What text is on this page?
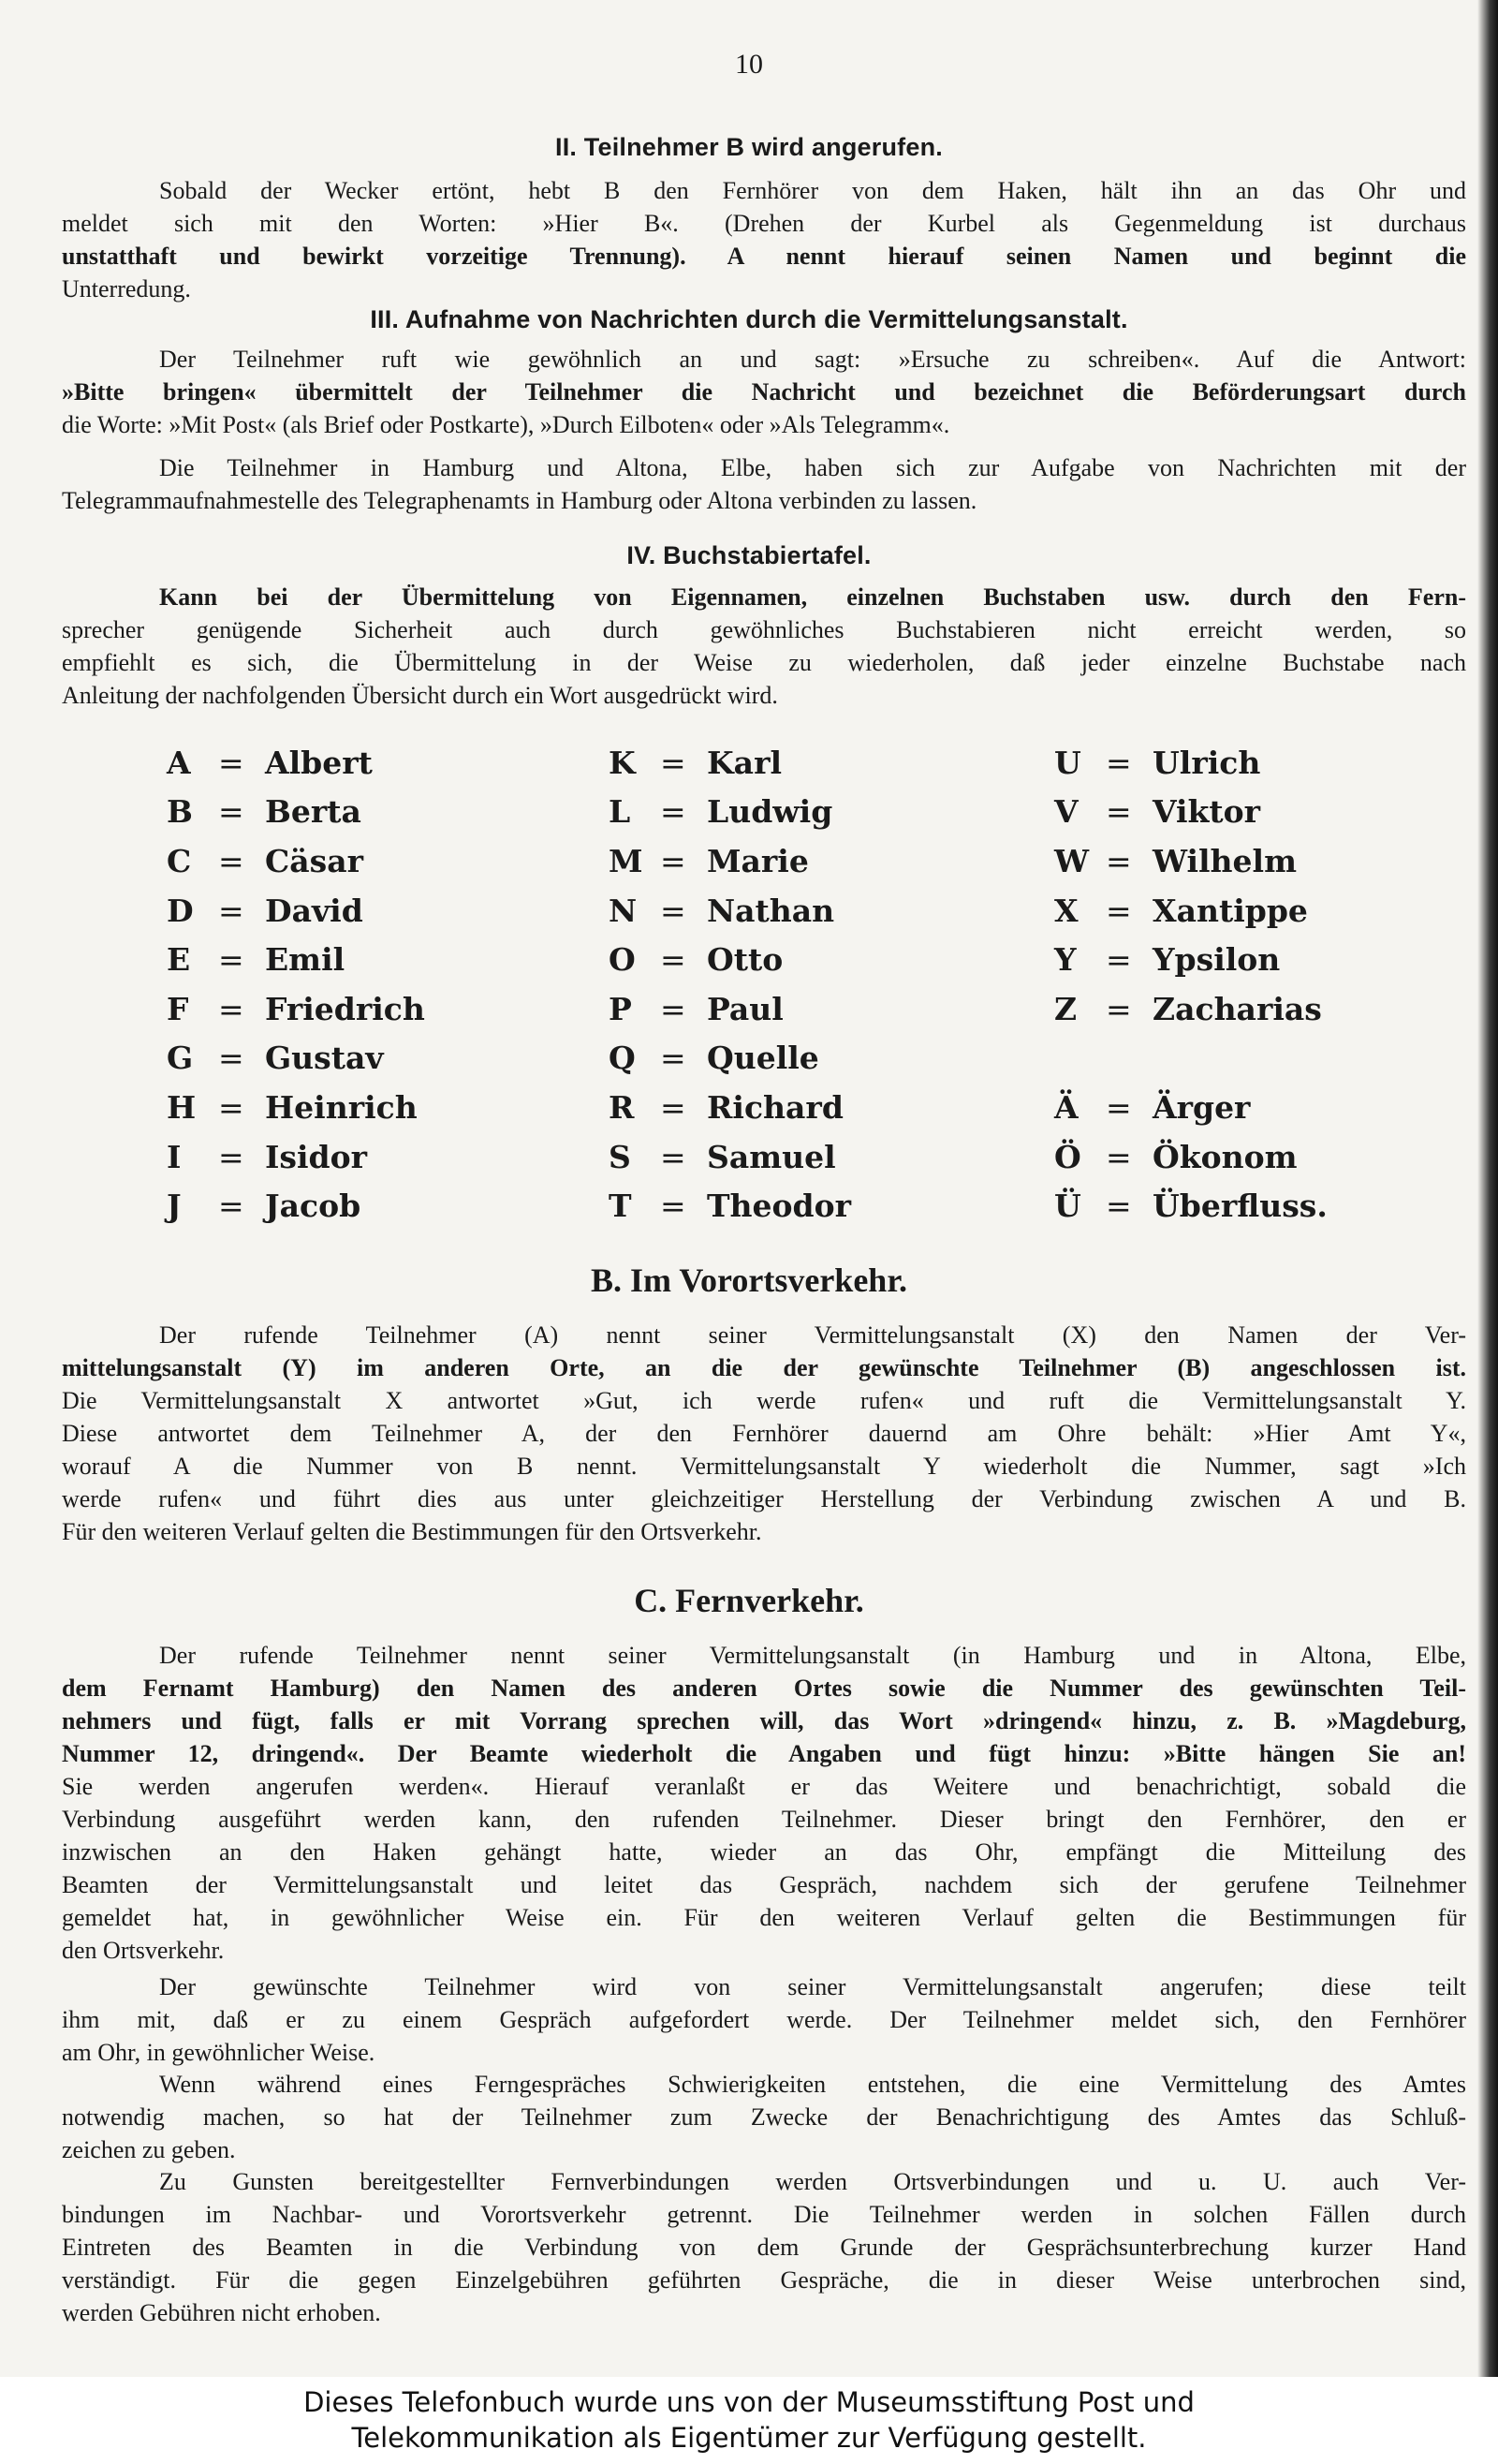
10
II. Teilnehmer B wird angerufen.
Sobald der Wecker ertönt, hebt B den Fernhörer von dem Haken, hält ihn an das Ohr und
meldet sich mit den Worten: »Hier B«. (Drehen der Kurbel als Gegenmeldung ist durchaus
unstatthaft und bewirkt vorzeitige Trennung). A nennt hierauf seinen Namen und beginnt die
Unterredung.
III. Aufnahme von Nachrichten durch die Vermittelungsanstalt.
Der Teilnehmer ruft wie gewöhnlich an und sagt: »Ersuche zu schreiben«. Auf die Antwort:
»Bitte bringen« übermittelt der Teilnehmer die Nachricht und bezeichnet die Beförderungsart durch
die Worte: »Mit Post« (als Brief oder Postkarte), »Durch Eilboten« oder »Als Telegramm«.
Die Teilnehmer in Hamburg und Altona, Elbe, haben sich zur Aufgabe von Nachrichten mit der
Telegrammaufnahmestelle des Telegraphenamts in Hamburg oder Altona verbinden zu lassen.
IV. Buchstabiertafel.
Kann bei der Übermittelung von Eigennamen, einzelnen Buchstaben usw. durch den Fern-
sprecher genügende Sicherheit auch durch gewöhnliches Buchstabieren nicht erreicht werden, so
empfiehlt es sich, die Übermittelung in der Weise zu wiederholen, daß jeder einzelne Buchstabe nach
Anleitung der nachfolgenden Übersicht durch ein Wort ausgedrückt wird.
A = Albert
B = Berta
C = Cäsar
D = David
E = Emil
F = Friedrich
G = Gustav
H = Heinrich
I	= Isidor
J	= Jacob
K = Karl
L = Ludwig
M = Marie
N = Nathan
O = Otto
P = Paul
Q = Quelle
R = Richard
S = Samuel
T = Theodor
U = Ulrich
V = Viktor
W = Wilhelm
X = Xantippe
Y = Ypsilon
Z = Zacharias
Ä = Ärger
Ö = Ökonom
Ü = Überfluss.
B. Im Vorortsverkehr.
Der rufende Teilnehmer (A) nennt seiner Vermittelungsanstalt (X) den Namen der Ver-
mittelungsanstalt (Y) im anderen Orte, an die der gewünschte Teilnehmer (B) angeschlossen ist.
Die Vermittelungsanstalt X antwortet »Gut, ich werde rufen« und ruft die Vermittelungsanstalt Y.
Diese antwortet dem Teilnehmer A, der den Fernhörer dauernd am Ohre behält: »Hier Amt Y«,
worauf A die Nummer von B nennt. Vermittelungsanstalt Y wiederholt die Nummer, sagt »Ich
werde rufen« und führt dies aus unter gleichzeitiger Herstellung der Verbindung zwischen A und B.
Für den weiteren Verlauf gelten die Bestimmungen für den Ortsverkehr.
C. Fernverkehr.
Der rufende Teilnehmer nennt seiner Vermittelungsanstalt (in Hamburg und in Altona, Elbe,
dem Fernamt Hamburg) den Namen des anderen Ortes sowie die Nummer des gewünschten Teil-
nehmers und fügt, falls er mit Vorrang sprechen will, das Wort »dringend« hinzu, z. B. »Magdeburg,
Nummer 12, dringend«. Der Beamte wiederholt die Angaben und fügt hinzu: »Bitte hängen Sie an!
Sie werden angerufen werden«. Hierauf veranlaßt er das Weitere und benachrichtigt, sobald die
Verbindung ausgeführt werden kann, den rufenden Teilnehmer. Dieser bringt den Fernhörer, den er
inzwischen an den Haken gehängt hatte, wieder an das Ohr, empfängt die Mitteilung des
Beamten der Vermittelungsanstalt und leitet das Gespräch, nachdem sich der gerufene Teilnehmer
gemeldet hat, in gewöhnlicher Weise ein. Für den weiteren Verlauf gelten die Bestimmungen für
den Ortsverkehr.
Der gewünschte Teilnehmer wird von seiner Vermittelungsanstalt angerufen; diese teilt
ihm mit, daß er zu einem Gespräch aufgefordert werde. Der Teilnehmer meldet sich, den Fernhörer
am Ohr, in gewöhnlicher Weise.
Wenn während eines Ferngespräches Schwierigkeiten entstehen, die eine Vermittelung des Amtes
notwendig machen, so hat der Teilnehmer zum Zwecke der Benachrichtigung des Amtes das Schluß-
zeichen zu geben.
Zu Gunsten bereitgestellter Fernverbindungen werden Ortsverbindungen und u. U. auch Ver-
bindungen im Nachbar- und Vorortsverkehr getrennt. Die Teilnehmer werden in solchen Fällen durch
Eintreten des Beamten in die Verbindung von dem Grunde der Gesprächsunterbrechung kurzer Hand
verständigt. Für die gegen Einzelgebühren geführten Gespräche, die in dieser Weise unterbrochen sind,
werden Gebühren nicht erhoben.
Dieses Telefonbuch wurde uns von der Museumsstiftung Post und
Telekommunikation als Eigentümer zur Verfügung gestellt.
